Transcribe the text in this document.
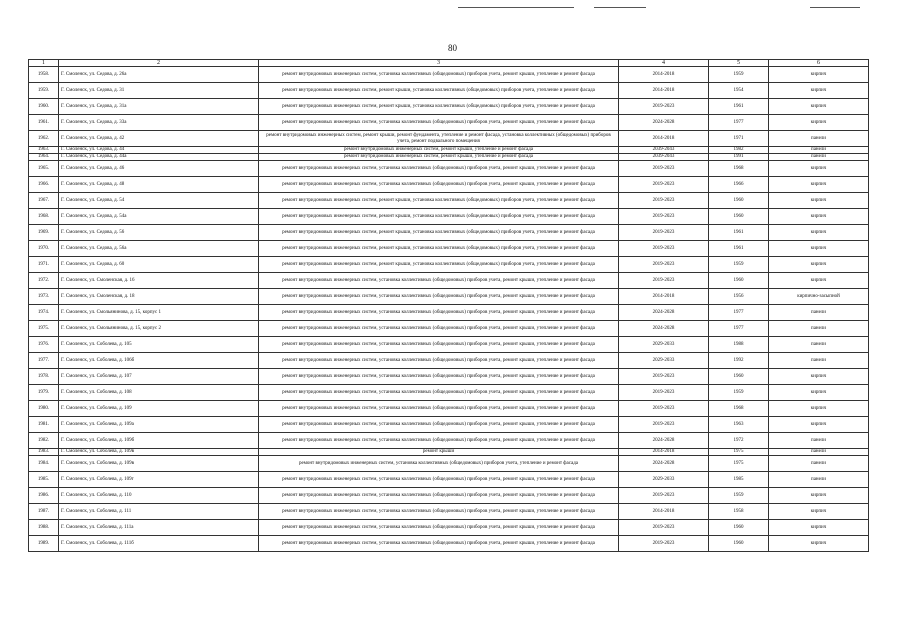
80
1	2	3	4	5	6
1958.	Г. Смоленск, ул. Седова, д. 26а	ремонт внутридомовых инженерных систем, установка коллективных (общедомовых) приборов учета, ремонт крыши, утепление и ремонт фасада	2014-2018	1959	кирпич
1959.	Г. Смоленск, ул. Седова, д. 31	ремонт внутридомовых инженерных систем, ремонт крыши, установка коллективных (общедомовых) приборов учета, утепление и ремонт фасада	2014-2018	1954	кирпич
1960.	Г. Смоленск, ул. Седова, д. 31а	ремонт внутридомовых инженерных систем, ремонт крыши, установка коллективных (общедомовых) приборов учета, утепление и ремонт фасада	2019-2023	1961	кирпич
1961.	Г. Смоленск, ул. Седова, д. 33а	ремонт внутридомовых инженерных систем, установка коллективных (общедомовых) приборов учета, ремонт крыши, утепление и ремонт фасада	2024-2028	1977	кирпич
1962.	Г. Смоленск, ул. Седова, д. 42	ремонт внутридомовых инженерных систем, ремонт крыши, ремонт фундамента, утепление и ремонт фасада, установка коллективных (общедомовых) приборов учета, ремонт подвального помещения	2014-2018	1971	панели
1963.	Г. Смоленск, ул. Седова, д. 44	ремонт внутридомовых инженерных систем, ремонт крыши, утепление и ремонт фасада	2039-2043	1982	панели
1964.	Г. Смоленск, ул. Седова, д. 44а	ремонт внутридомовых инженерных систем, ремонт крыши, утепление и ремонт фасада	2039-2043	1991	панели
1965.	Г. Смоленск, ул. Седова, д. 46	ремонт внутридомовых инженерных систем, установка коллективных (общедомовых) приборов учета, ремонт крыши, утепление и ремонт фасада	2019-2023	1968	кирпич
1966.	Г. Смоленск, ул. Седова, д. 48	ремонт внутридомовых инженерных систем, установка коллективных (общедомовых) приборов учета, ремонт крыши, утепление и ремонт фасада	2019-2023	1966	кирпич
1967.	Г. Смоленск, ул. Седова, д. 54	ремонт внутридомовых инженерных систем, ремонт крыши, установка коллективных (общедомовых) приборов учета, утепление и ремонт фасада	2019-2023	1960	кирпич
1968.	Г. Смоленск, ул. Седова, д. 54а	ремонт внутридомовых инженерных систем, ремонт крыши, установка коллективных (общедомовых) приборов учета, утепление и ремонт фасада	2019-2023	1960	кирпич
1969.	Г. Смоленск, ул. Седова, д. 56	ремонт внутридомовых инженерных систем, ремонт крыши, установка коллективных (общедомовых) приборов учета, утепление и ремонт фасада	2019-2023	1961	кирпич
1970.	Г. Смоленск, ул. Седова, д. 56а	ремонт внутридомовых инженерных систем, ремонт крыши, установка коллективных (общедомовых) приборов учета, утепление и ремонт фасада	2019-2023	1961	кирпич
1971.	Г. Смоленск, ул. Седова, д. 60	ремонт внутридомовых инженерных систем, ремонт крыши, установка коллективных (общедомовых) приборов учета, утепление и ремонт фасада	2019-2023	1959	кирпич
1972.	Г. Смоленск, ул. Смоленская, д. 16	ремонт внутридомовых инженерных систем, установка коллективных (общедомовых) приборов учета, ремонт крыши, утепление и ремонт фасада	2019-2023	1960	кирпич
1973.	Г. Смоленск, ул. Смоленская, д. 18	ремонт внутридомовых инженерных систем, установка коллективных (общедомовых) приборов учета, ремонт крыши, утепление и ремонт фасада	2014-2018	1956	кирпично-засыпной
1974.	Г. Смоленск, ул. Смольянинова, д. 15, корпус 1	ремонт внутридомовых инженерных систем, установка коллективных (общедомовых) приборов учета, ремонт крыши, утепление и ремонт фасада	2024-2028	1977	панели
1975.	Г. Смоленск, ул. Смольянинова, д. 15, корпус 2	ремонт внутридомовых инженерных систем, установка коллективных (общедомовых) приборов учета, ремонт крыши, утепление и ремонт фасада	2024-2028	1977	панели
1976.	Г. Смоленск, ул. Соболева, д. 105	ремонт внутридомовых инженерных систем, установка коллективных (общедомовых) приборов учета, ремонт крыши, утепление и ремонт фасада	2029-2033	1988	панели
1977.	Г. Смоленск, ул. Соболева, д. 106б	ремонт внутридомовых инженерных систем, установка коллективных (общедомовых) приборов учета, ремонт крыши, утепление и ремонт фасада	2029-2033	1992	панели
1978.	Г. Смоленск, ул. Соболева, д. 107	ремонт внутридомовых инженерных систем, установка коллективных (общедомовых) приборов учета, ремонт крыши, утепление и ремонт фасада	2019-2023	1960	кирпич
1979.	Г. Смоленск, ул. Соболева, д. 108	ремонт внутридомовых инженерных систем, установка коллективных (общедомовых) приборов учета, ремонт крыши, утепление и ремонт фасада	2019-2023	1959	кирпич
1980.	Г. Смоленск, ул. Соболева, д. 109	ремонт внутридомовых инженерных систем, установка коллективных (общедомовых) приборов учета, ремонт крыши, утепление и ремонт фасада	2019-2023	1968	кирпич
1981.	Г. Смоленск, ул. Соболева, д. 109а	ремонт внутридомовых инженерных систем, установка коллективных (общедомовых) приборов учета, ремонт крыши, утепление и ремонт фасада	2019-2023	1963	кирпич
1982.	Г. Смоленск, ул. Соболева, д. 109б	ремонт внутридомовых инженерных систем, установка коллективных (общедомовых) приборов учета, ремонт крыши, утепление и ремонт фасада	2024-2028	1972	панели
1983.	Г. Смоленск, ул. Соболева, д. 109в	ремонт крыши	2014-2018	1975	панели
1984.	Г. Смоленск, ул. Соболева, д. 109в	ремонт внутридомовых инженерных систем, установка коллективных (общедомовых) приборов учета, утепление и ремонт фасада	2024-2028	1975	панели
1985.	Г. Смоленск, ул. Соболева, д. 109г	ремонт внутридомовых инженерных систем, установка коллективных (общедомовых) приборов учета, ремонт крыши, утепление и ремонт фасада	2029-2033	1985	панели
1986.	Г. Смоленск, ул. Соболева, д. 110	ремонт внутридомовых инженерных систем, установка коллективных (общедомовых) приборов учета, ремонт крыши, утепление и ремонт фасада	2019-2023	1959	кирпич
1987.	Г. Смоленск, ул. Соболева, д. 111	ремонт внутридомовых инженерных систем, установка коллективных (общедомовых) приборов учета, ремонт крыши, утепление и ремонт фасада	2014-2018	1958	кирпич
1988.	Г. Смоленск, ул. Соболева, д. 111а	ремонт внутридомовых инженерных систем, установка коллективных (общедомовых) приборов учета, ремонт крыши, утепление и ремонт фасада	2019-2023	1960	кирпич
1989.	Г. Смоленск, ул. Соболева, д. 111б	ремонт внутридомовых инженерных систем, установка коллективных (общедомовых) приборов учета, ремонт крыши, утепление и ремонт фасада	2019-2023	1960	кирпич
